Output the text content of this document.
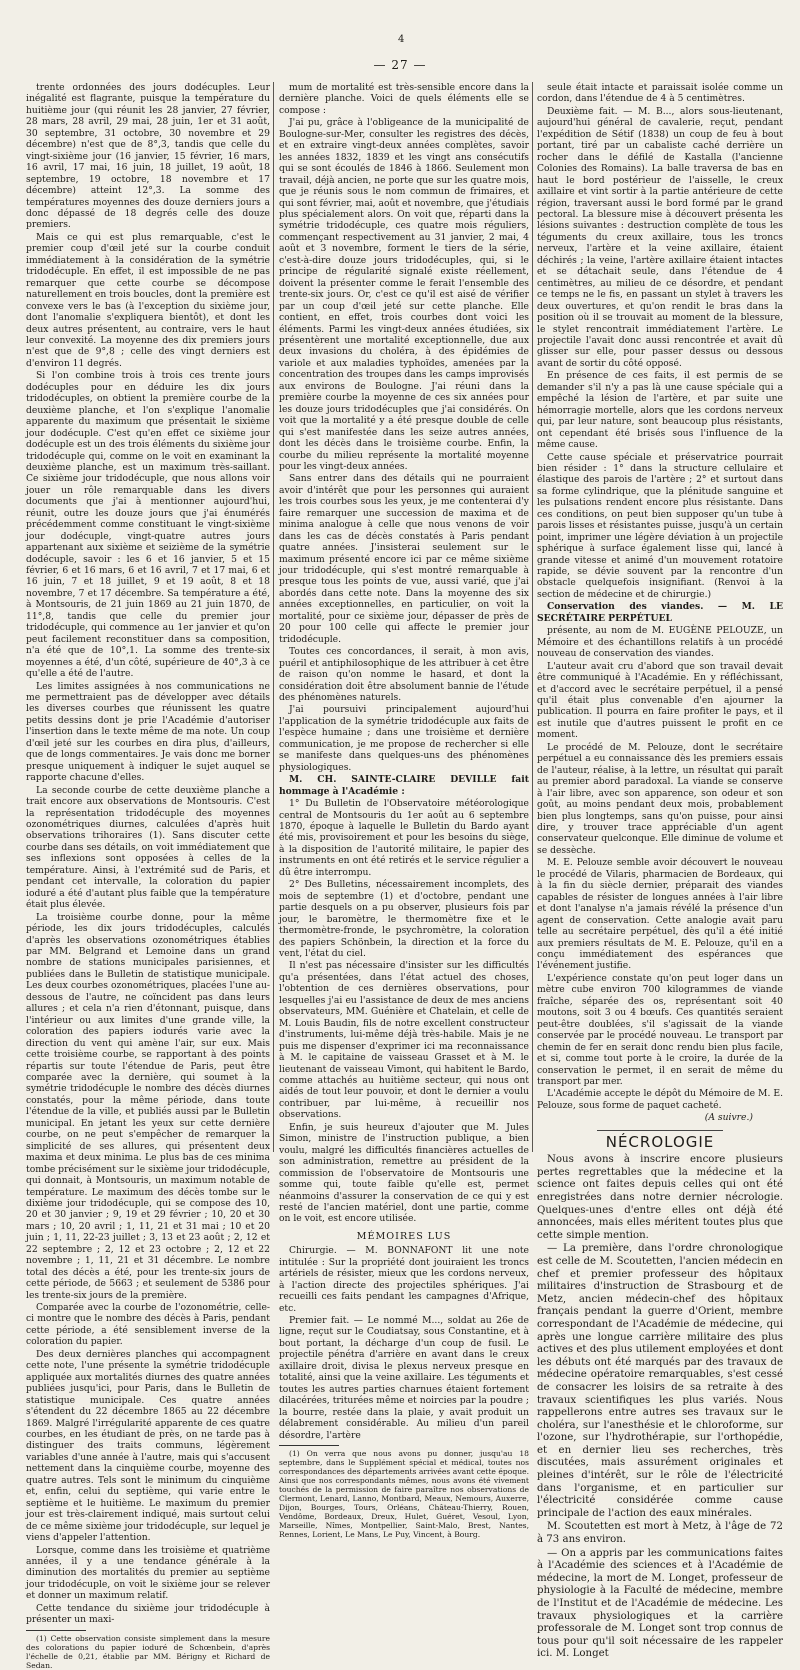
4
— 27 —

trente ordonnées des jours dodécuples. Leur inégalité est flagrante, puisque la température du huitième jour (qui réunit les 28 janvier, 27 février, 28 mars, 28 avril, 29 mai, 28 juin, 1er et 31 août, 30 septembre, 31 octobre, 30 novembre et 29 décembre) n'est que de 8°,3, tandis que celle du vingt-sixième jour (16 janvier, 15 février, 16 mars, 16 avril, 17 mai, 16 juin, 18 juillet, 19 août, 18 septembre, 19 octobre, 18 novembre et 17 décembre) atteint 12°,3. La somme des températures moyennes des douze derniers jours a donc dépassé de 18 degrés celle des douze premiers.

Mais ce qui est plus remarquable, c'est le premier coup d'œil jeté sur la courbe conduit immédiatement à la considération de la symétrie tridodécuple. En effet, il est impossible de ne pas remarquer que cette courbe se décompose naturellement en trois boucles, dont la première est convexe vers le bas (à l'exception du sixième jour, dont l'anomalie s'expliquera bientôt), et dont les deux autres présentent, au contraire, vers le haut leur convexité. La moyenne des dix premiers jours n'est que de 9°,8 ; celle des vingt derniers est d'environ 11 degrés.

Si l'on combine trois à trois ces trente jours dodécuples pour en déduire les dix jours tridodécuples, on obtient la première courbe de la deuxième planche, et l'on s'explique l'anomalie apparente du maximum que présentait le sixième jour dodécuple. C'est qu'en effet ce sixième jour dodécuple est un des trois éléments du sixième jour tridodécuple qui, comme on le voit en examinant la deuxième planche, est un maximum très-saillant. Ce sixième jour tridodécuple, que nous allons voir jouer un rôle remarquable dans les divers documents que j'ai à mentionner aujourd'hui, réunit, outre les douze jours que j'ai énumérés précédemment comme constituant le vingt-sixième jour dodécuple, vingt-quatre autres jours appartenant aux sixième et seizième de la symétrie dodécuple, savoir : les 6 et 16 janvier, 5 et 15 février, 6 et 16 mars, 6 et 16 avril, 7 et 17 mai, 6 et 16 juin, 7 et 18 juillet, 9 et 19 août, 8 et 18 novembre, 7 et 17 décembre. Sa température a été, à Montsouris, de 21 juin 1869 au 21 juin 1870, de 11°,8, tandis que celle du premier jour tridodécuple, qui commence au 1er janvier et qu'on peut facilement reconstituer dans sa composition, n'a été que de 10°,1. La somme des trente-six moyennes a été, d'un côté, supérieure de 40°,3 à ce qu'elle a été de l'autre.

Les limites assignées à nos communications ne me permettraient pas de développer avec détails les diverses courbes que réunissent les quatre petits dessins dont je prie l'Académie d'autoriser l'insertion dans le texte même de ma note. Un coup d'œil jeté sur les courbes en dira plus, d'ailleurs, que de longs commentaires. Je vais donc me borner presque uniquement à indiquer le sujet auquel se rapporte chacune d'elles.

La seconde courbe de cette deuxième planche a trait encore aux observations de Montsouris. C'est la représentation tridodécuple des moyennes ozonométriques diurnes, calculées d'après huit observations trihoraires (1). Sans discuter cette courbe dans ses détails, on voit immédiatement que ses inflexions sont opposées à celles de la température. Ainsi, à l'extrémité sud de Paris, et pendant cet intervalle, la coloration du papier ioduré a été d'autant plus faible que la température était plus élevée.

La troisième courbe donne, pour la même période, les dix jours tridodécuples, calculés d'après les observations ozonométriques établies par MM. Belgrand et Lemoine dans un grand nombre de stations municipales parisiennes, et publiées dans le Bulletin de statistique municipale. Les deux courbes ozonométriques, placées l'une au-dessous de l'autre, ne coïncident pas dans leurs allures ; et cela n'a rien d'étonnant, puisque, dans l'intérieur ou aux limites d'une grande ville, la coloration des papiers iodurés varie avec la direction du vent qui amène l'air, sur eux. Mais cette troisième courbe, se rapportant à des points répartis sur toute l'étendue de Paris, peut être comparée avec la dernière, qui soumet à la symétrie tridodécuple le nombre des décès diurnes constatés, pour la même période, dans toute l'étendue de la ville, et publiés aussi par le Bulletin municipal. En jetant les yeux sur cette dernière courbe, on ne peut s'empêcher de remarquer la simplicité de ses allures, qui présentent deux maxima et deux minima. Le plus bas de ces minima tombe précisément sur le sixième jour tridodécuple, qui donnait, à Montsouris, un maximum notable de température. Le maximum des décès tombe sur le dixième jour tridodécuple, qui se compose des 10, 20 et 30 janvier ; 9, 19 et 29 février ; 10, 20 et 30 mars ; 10, 20 avril ; 1, 11, 21 et 31 mai ; 10 et 20 juin ; 1, 11, 22-23 juillet ; 3, 13 et 23 août ; 2, 12 et 22 septembre ; 2, 12 et 23 octobre ; 2, 12 et 22 novembre ; 1, 11, 21 et 31 décembre. Le nombre total des décès a été, pour les trente-six jours de cette période, de 5663 ; et seulement de 5386 pour les trente-six jours de la première.

Comparée avec la courbe de l'ozonométrie, celle-ci montre que le nombre des décès à Paris, pendant cette période, a été sensiblement inverse de la coloration du papier.

Des deux dernières planches qui accompagnent cette note, l'une présente la symétrie tridodécuple appliquée aux mortalités diurnes des quatre années publiées jusqu'ici, pour Paris, dans le Bulletin de statistique municipale. Ces quatre années s'étendent du 22 décembre 1865 au 22 décembre 1869. Malgré l'irrégularité apparente de ces quatre courbes, en les étudiant de près, on ne tarde pas à distinguer des traits communs, légèrement variables d'une année à l'autre, mais qui s'accusent nettement dans la cinquième courbe, moyenne des quatre autres. Tels sont le minimum du cinquième et, enfin, celui du septième, qui varie entre le septième et le huitième. Le maximum du premier jour est très-clairement indiqué, mais surtout celui de ce même sixième jour tridodécuple, sur lequel je viens d'appeler l'attention.

Lorsque, comme dans les troisième et quatrième années, il y a une tendance générale à la diminution des mortalités du premier au septième jour tridodécuple, on voit le sixième jour se relever et donner un maximum relatif.

Cette tendance du sixième jour tridodécuple à présenter un maxi-

(1) Cette observation consiste simplement dans la mesure des colorations du papier ioduré de Schœnbein, d'après l'échelle de 0,21, établie par MM. Bérigny et Richard de Sedan.

mum de mortalité est très-sensible encore dans la dernière planche. Voici de quels éléments elle se compose :

J'ai pu, grâce à l'obligeance de la municipalité de Boulogne-sur-Mer, consulter les registres des décès, et en extraire vingt-deux années complètes, savoir les années 1832, 1839 et les vingt ans consécutifs qui se sont écoulés de 1846 à 1866. Seulement mon travail, déjà ancien, ne porte que sur les quatre mois, que je réunis sous le nom commun de frimaires, et qui sont février, mai, août et novembre, que j'étudiais plus spécialement alors. On voit que, réparti dans la symétrie tridodécuple, ces quatre mois réguliers, commençant respectivement au 31 janvier, 2 mai, 4 août et 3 novembre, forment le tiers de la série, c'est-à-dire douze jours tridodécuples, qui, si le principe de régularité signalé existe réellement, doivent la présenter comme le ferait l'ensemble des trente-six jours. Or, c'est ce qu'il est aisé de vérifier par un coup d'œil jeté sur cette planche. Elle contient, en effet, trois courbes dont voici les éléments. Parmi les vingt-deux années étudiées, six présentèrent une mortalité exceptionnelle, due aux deux invasions du choléra, à des épidémies de variole et aux maladies typhoïdes, amenées par la concentration des troupes dans les camps improvisés aux environs de Boulogne. J'ai réuni dans la première courbe la moyenne de ces six années pour les douze jours tridodécuples que j'ai considérés. On voit que la mortalité y a été presque double de celle qui s'est manifestée dans les seize autres années, dont les décès dans le troisième courbe. Enfin, la courbe du milieu représente la mortalité moyenne pour les vingt-deux années.

Sans entrer dans des détails qui ne pourraient avoir d'intérêt que pour les personnes qui auraient les trois courbes sous les yeux, je me contenterai d'y faire remarquer une succession de maxima et de minima analogue à celle que nous venons de voir dans les cas de décès constatés à Paris pendant quatre années. J'insisterai seulement sur le maximum présenté encore ici par ce même sixième jour tridodécuple, qui s'est montré remarquable à presque tous les points de vue, aussi varié, que j'ai abordés dans cette note. Dans la moyenne des six années exceptionnelles, en particulier, on voit la mortalité, pour ce sixième jour, dépasser de près de 20 pour 100 celle qui affecte le premier jour tridodécuple.

Toutes ces concordances, il serait, à mon avis, puéril et antiphilosophique de les attribuer à cet être de raison qu'on nomme le hasard, et dont la considération doit être absolument bannie de l'étude des phénomènes naturels.

J'ai poursuivi principalement aujourd'hui l'application de la symétrie tridodécuple aux faits de l'espèce humaine ; dans une troisième et dernière communication, je me propose de rechercher si elle se manifeste dans quelques-uns des phénomènes physiologiques.

M. CH. SAINTE-CLAIRE DEVILLE fait hommage à l'Académie :

1° Du Bulletin de l'Observatoire météorologique central de Montsouris du 1er août au 6 septembre 1870, époque à laquelle le Bulletin du Bardo ayant été mis, provisoirement et pour les besoins du siège, à la disposition de l'autorité militaire, le papier des instruments en ont été retirés et le service régulier a dû être interrompu.

2° Des Bulletins, nécessairement incomplets, des mois de septembre (1) et d'octobre, pendant une partie desquels on a pu observer, plusieurs fois par jour, le baromètre, le thermomètre fixe et le thermomètre-fronde, le psychromètre, la coloration des papiers Schönbein, la direction et la force du vent, l'état du ciel.

Il n'est pas nécessaire d'insister sur les difficultés qu'a présentées, dans l'état actuel des choses, l'obtention de ces dernières observations, pour lesquelles j'ai eu l'assistance de deux de mes anciens observateurs, MM. Guénière et Chatelain, et celle de M. Louis Baudin, fils de notre excellent constructeur d'instruments, lui-même déjà très-habile. Mais je ne puis me dispenser d'exprimer ici ma reconnaissance à M. le capitaine de vaisseau Grasset et à M. le lieutenant de vaisseau Vimont, qui habitent le Bardo, comme attachés au huitième secteur, qui nous ont aidés de tout leur pouvoir, et dont le dernier a voulu contribuer, par lui-même, à recueillir nos observations.

Enfin, je suis heureux d'ajouter que M. Jules Simon, ministre de l'instruction publique, a bien voulu, malgré les difficultés financières actuelles de son administration, remettre au président de la commission de l'observatoire de Montsouris une somme qui, toute faible qu'elle est, permet néanmoins d'assurer la conservation de ce qui y est resté de l'ancien matériel, dont une partie, comme on le voit, est encore utilisée.

MÉMOIRES LUS

Chirurgie. — M. BONNAFONT lit une note intitulée : Sur la propriété dont jouiraient les troncs artériels de résister, mieux que les cordons nerveux, à l'action directe des projectiles sphériques. J'ai recueilli ces faits pendant les campagnes d'Afrique, etc.

Premier fait. — Le nommé M..., soldat au 26e de ligne, reçut sur le Coudiatsay, sous Constantine, et à bout portant, la décharge d'un coup de fusil. Le projectile pénétra d'arrière en avant dans le creux axillaire droit, divisa le plexus nerveux presque en totalité, ainsi que la veine axillaire. Les téguments et toutes les autres parties charnues étaient fortement dilacérées, triturées même et noircies par la poudre ; la bourre, restée dans la plaie, y avait produit un délabrement considérable. Au milieu d'un pareil désordre, l'artère

(1) On verra que nous avons pu donner, jusqu'au 18 septembre, dans le Supplément spécial et médical, toutes nos correspondances des départements arrivées avant cette époque. Ainsi que nos correspondants mêmes, nous avons été vivement touchés de la permission de faire paraître nos observations de Clermont, Lenard, Lanno, Montbard, Meaux, Nemours, Auxerre, Dijon, Bourges, Tours, Orléans, Château-Thierry, Rouen, Vendôme, Bordeaux, Dreux, Hulet, Guéret, Vesoul, Lyon, Marseille, Nîmes, Montpellier, Saint-Malo, Brest, Nantes, Rennes, Lorient, Le Mans, Le Puy, Vincent, à Bourg.

seule était intacte et paraissait isolée comme un cordon, dans l'étendue de 4 à 5 centimètres.

Deuxième fait. — M. B..., alors sous-lieutenant, aujourd'hui général de cavalerie, reçut, pendant l'expédition de Sétif (1838) un coup de feu à bout portant, tiré par un cabaliste caché derrière un rocher dans le défilé de Kastalla (l'ancienne Colonies des Romains). La balle traversa de bas en haut le bord postérieur de l'aisselle, le creux axillaire et vint sortir à la partie antérieure de cette région, traversant aussi le bord formé par le grand pectoral. La blessure mise à découvert présenta les lésions suivantes : destruction complète de tous les téguments du creux axillaire, tous les troncs nerveux, l'artère et la veine axillaire, étaient déchirés ; la veine, l'artère axillaire étaient intactes et se détachait seule, dans l'étendue de 4 centimètres, au milieu de ce désordre, et pendant ce temps ne le fis, en passant un stylet à travers les deux ouvertures, et qu'on rendit le bras dans la position où il se trouvait au moment de la blessure, le stylet rencontrait immédiatement l'artère. Le projectile l'avait donc aussi rencontrée et avait dû glisser sur elle, pour passer dessus ou dessous avant de sortir du côté opposé.

En présence de ces faits, il est permis de se demander s'il n'y a pas là une cause spéciale qui a empêché la lésion de l'artère, et par suite une hémorragie mortelle, alors que les cordons nerveux qui, par leur nature, sont beaucoup plus résistants, ont cependant été brisés sous l'influence de la même cause.

Cette cause spéciale et préservatrice pourrait bien résider : 1° dans la structure cellulaire et élastique des parois de l'artère ; 2° et surtout dans sa forme cylindrique, que la plénitude sanguine et les pulsations rendent encore plus résistante. Dans ces conditions, on peut bien supposer qu'un tube à parois lisses et résistantes puisse, jusqu'à un certain point, imprimer une légère déviation à un projectile sphérique à surface également lisse qui, lancé à grande vitesse et animé d'un mouvement rotatoire rapide, se dévie souvent par la rencontre d'un obstacle quelquefois insignifiant. (Renvoi à la section de médecine et de chirurgie.)

Conservation des viandes. — M. LE SECRÉTAIRE PERPÉTUEL

présente, au nom de M. EUGÈNE PELOUZE, un Mémoire et des échantillons relatifs à un procédé nouveau de conservation des viandes.

L'auteur avait cru d'abord que son travail devait être communiqué à l'Académie. En y réfléchissant, et d'accord avec le secrétaire perpétuel, il a pensé qu'il était plus convenable d'en ajourner la publication. Il pourra en faire profiter le pays, et il est inutile que d'autres puissent le profit en ce moment.

Le procédé de M. Pelouze, dont le secrétaire perpétuel a eu connaissance dès les premiers essais de l'auteur, réalise, à la lettre, un résultat qui paraît au premier abord paradoxal. La viande se conserve à l'air libre, avec son apparence, son odeur et son goût, au moins pendant deux mois, probablement bien plus longtemps, sans qu'on puisse, pour ainsi dire, y trouver trace appréciable d'un agent conservateur quelconque. Elle diminue de volume et se dessèche.

M. E. Pelouze semble avoir découvert le nouveau le procédé de Vilaris, pharmacien de Bordeaux, qui à la fin du siècle dernier, préparait des viandes capables de résister de longues années à l'air libre et dont l'analyse n'a jamais révélé la présence d'un agent de conservation. Cette analogie avait paru telle au secrétaire perpétuel, dès qu'il a été initié aux premiers résultats de M. E. Pelouze, qu'il en a conçu immédiatement des espérances que l'événement justifie.

L'expérience constate qu'on peut loger dans un mètre cube environ 700 kilogrammes de viande fraîche, séparée des os, représentant soit 40 moutons, soit 3 ou 4 bœufs. Ces quantités seraient peut-être doublées, s'il s'agissait de la viande conservée par le procédé nouveau. Le transport par chemin de fer en serait donc rendu bien plus facile, et si, comme tout porte à le croire, la durée de la conservation le permet, il en serait de même du transport par mer.

L'Académie accepte le dépôt du Mémoire de M. E. Pelouze, sous forme de paquet cacheté.

(A suivre.)
NÉCROLOGIE

Nous avons à inscrire encore plusieurs pertes regrettables que la médecine et la science ont faites depuis celles qui ont été enregistrées dans notre dernier nécrologie. Quelques-unes d'entre elles ont déjà été annoncées, mais elles méritent toutes plus que cette simple mention.

— La première, dans l'ordre chronologique est celle de M. Scoutetten, l'ancien médecin en chef et premier professeur des hôpitaux militaires d'instruction de Strasbourg et de Metz, ancien médecin-chef des hôpitaux français pendant la guerre d'Orient, membre correspondant de l'Académie de médecine, qui après une longue carrière militaire des plus actives et des plus utilement employées et dont les débuts ont été marqués par des travaux de médecine opératoire remarquables, s'est cessé de consacrer les loisirs de sa retraite à des travaux scientifiques les plus variés. Nous rappellerons entre autres ses travaux sur le choléra, sur l'anesthésie et le chloroforme, sur l'ozone, sur l'hydrothérapie, sur l'orthopédie, et en dernier lieu ses recherches, très discutées, mais assurément originales et pleines d'intérêt, sur le rôle de l'électricité dans l'organisme, et en particulier sur l'électricité considérée comme cause principale de l'action des eaux minérales.

M. Scoutetten est mort à Metz, à l'âge de 72 à 73 ans environ.

— On a appris par les communications faites à l'Académie des sciences et à l'Académie de médecine, la mort de M. Longet, professeur de physiologie à la Faculté de médecine, membre de l'Institut et de l'Académie de médecine. Les travaux physiologiques et la carrière professorale de M. Longet sont trop connus de tous pour qu'il soit nécessaire de les rappeler ici. M. Longet
